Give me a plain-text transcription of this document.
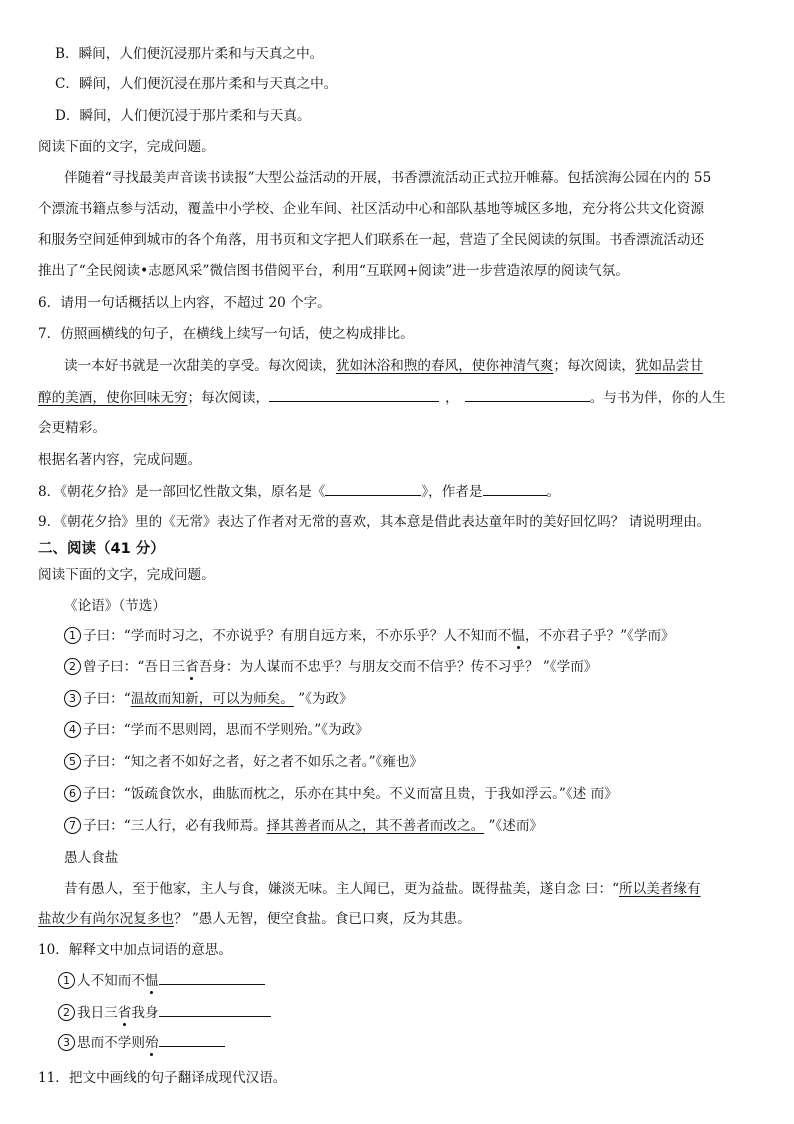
B．瞬间，人们便沉浸那片柔和与天真之中。
C．瞬间，人们便沉浸在那片柔和与天真之中。
D．瞬间，人们便沉浸于那片柔和与天真。
阅读下面的文字，完成问题。
伴随着“寻找最美声音读书读报”大型公益活动的开展，书香漂流活动正式拉开帷幕。包括滨海公园在内的 55
个漂流书籍点参与活动，覆盖中小学校、企业车间、社区活动中心和部队基地等城区多地，充分将公共文化资源
和服务空间延伸到城市的各个角落，用书页和文字把人们联系在一起，营造了全民阅读的氛围。书香漂流活动还
推出了“全民阅读•志愿风采”微信图书借阅平台，利用“互联网+阅读”进一步营造浓厚的阅读气氛。
6．请用一句话概括以上内容，不超过 20 个字。
7．仿照画横线的句子，在横线上续写一句话，使之构成排比。
读一本好书就是一次甜美的享受。每次阅读，犹如沐浴和煦的春风，使你神清气爽；每次阅读，犹如品尝甘
醇的美酒，使你回味无穷；每次阅读，	，	。与书为伴，你的人生
会更精彩。
根据名著内容，完成问题。
8．《朝花夕拾》是一部回忆性散文集，原名是《	》，作者是	。
9．《朝花夕拾》里的《无常》表达了作者对无常的喜欢，其本意是借此表达童年时的美好回忆吗？ 请说明理由。
二、阅读（41 分）
阅读下面的文字，完成问题。
《论语》（节选）
1 子曰：“学而时习之，不亦说乎？有朋自远方来，不亦乐乎？人不知而不愠，不亦君子乎？”《学而》
2 曾子曰：“吾日三省吾身：为人谋而不忠乎？与朋友交而不信乎？传不习乎？ ”《学而》
3 子曰：“温故而知新，可以为师矣。 ”《为政》
4 子曰：“学而不思则罔，思而不学则殆。”《为政》
5 子曰：“知之者不如好之者，好之者不如乐之者。”《雍也》
6 子曰：“饭疏食饮水，曲肱而枕之，乐亦在其中矣。不义而富且贵，于我如浮云。”《述 而》
7 子曰：“三人行，必有我师焉。择其善者而从之，其不善者而改之。 ”《述而》
愚人食盐
昔有愚人，至于他家，主人与食，嫌淡无味。主人闻已，更为益盐。既得盐美，遂自念 曰：“所以美者缘有
盐故少有尚尔况复多也？ ”愚人无智，便空食盐。食已口爽，反为其患。
10．解释文中加点词语的意思。
1 人不知而不愠
2 我日三省我身
3 思而不学则殆
11．把文中画线的句子翻译成现代汉语。
